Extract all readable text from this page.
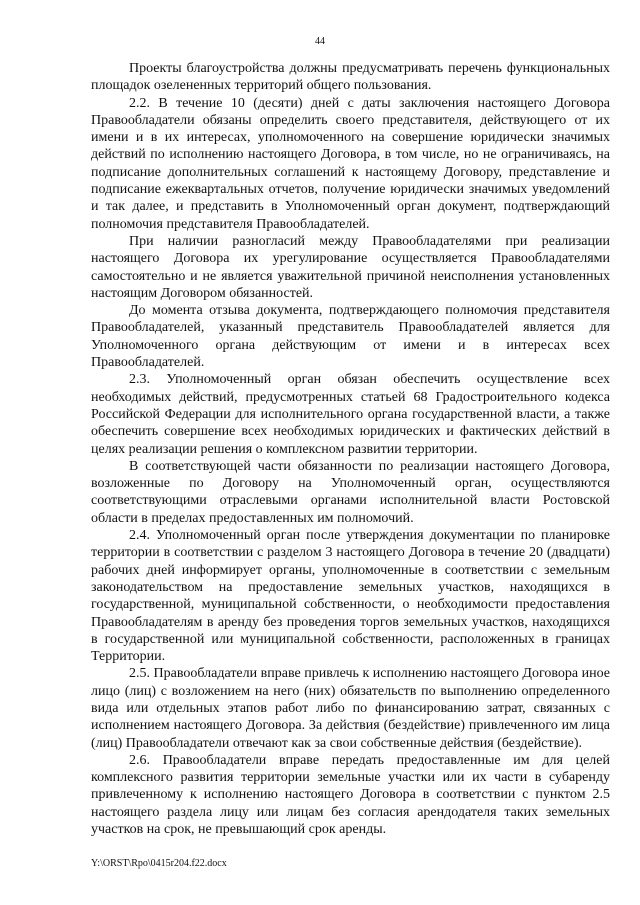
44

Проекты благоустройства должны предусматривать перечень функциональных площадок озелененных территорий общего пользования.

2.2. В течение 10 (десяти) дней с даты заключения настоящего Договора Правообладатели обязаны определить своего представителя, действующего от их имени и в их интересах, уполномоченного на совершение юридически значимых действий по исполнению настоящего Договора, в том числе, но не ограничиваясь, на подписание дополнительных соглашений к настоящему Договору, представление и подписание ежеквартальных отчетов, получение юридически значимых уведомлений и так далее, и представить в Уполномоченный орган документ, подтверждающий полномочия представителя Правообладателей.

При наличии разногласий между Правообладателями при реализации настоящего Договора их урегулирование осуществляется Правообладателями самостоятельно и не является уважительной причиной неисполнения установленных настоящим Договором обязанностей.

До момента отзыва документа, подтверждающего полномочия представителя Правообладателей, указанный представитель Правообладателей является для Уполномоченного органа действующим от имени и в интересах всех Правообладателей.

2.3. Уполномоченный орган обязан обеспечить осуществление всех необходимых действий, предусмотренных статьей 68 Градостроительного кодекса Российской Федерации для исполнительного органа государственной власти, а также обеспечить совершение всех необходимых юридических и фактических действий в целях реализации решения о комплексном развитии территории.

В соответствующей части обязанности по реализации настоящего Договора, возложенные по Договору на Уполномоченный орган, осуществляются соответствующими отраслевыми органами исполнительной власти Ростовской области в пределах предоставленных им полномочий.

2.4. Уполномоченный орган после утверждения документации по планировке территории в соответствии с разделом 3 настоящего Договора в течение 20 (двадцати) рабочих дней информирует органы, уполномоченные в соответствии с земельным законодательством на предоставление земельных участков, находящихся в государственной, муниципальной собственности, о необходимости предоставления Правообладателям в аренду без проведения торгов земельных участков, находящихся в государственной или муниципальной собственности, расположенных в границах Территории.

2.5. Правообладатели вправе привлечь к исполнению настоящего Договора иное лицо (лиц) с возложением на него (них) обязательств по выполнению определенного вида или отдельных этапов работ либо по финансированию затрат, связанных с исполнением настоящего Договора. За действия (бездействие) привлеченного им лица (лиц) Правообладатели отвечают как за свои собственные действия (бездействие).

2.6. Правообладатели вправе передать предоставленные им для целей комплексного развития территории земельные участки или их части в субаренду привлеченному к исполнению настоящего Договора в соответствии с пунктом 2.5 настоящего раздела лицу или лицам без согласия арендодателя таких земельных участков на срок, не превышающий срок аренды.

Y:\ORST\Rpo\0415r204.f22.docx
